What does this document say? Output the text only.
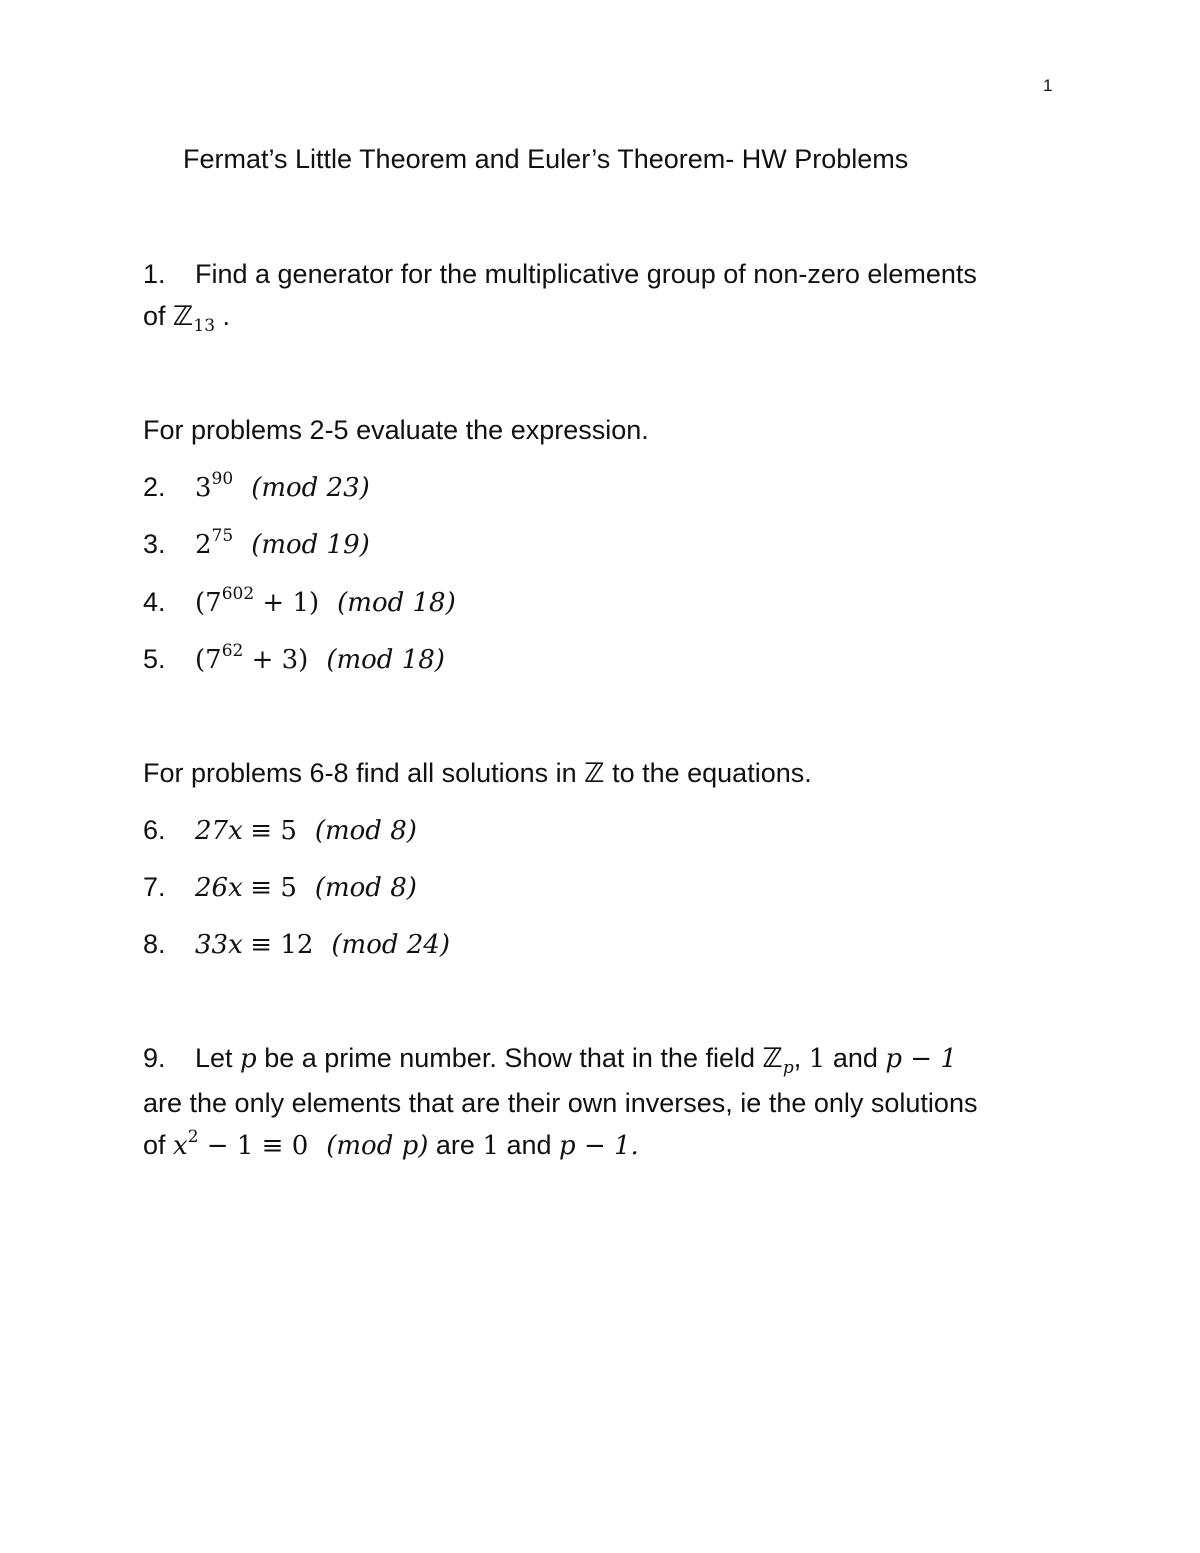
1
Fermat’s Little Theorem and Euler’s Theorem- HW Problems
1. Find a generator for the multiplicative group of non-zero elements
of ℤ$_{13}$ .
For problems 2-5 evaluate the expression.
2. $3^{90}$ (mod 23)
3. $2^{75}$ (mod 19)
4. $(7^{602} + 1)$ (mod 18)
5. $(7^{62} + 3)$ (mod 18)
For problems 6-8 find all solutions in ℤ to the equations.
6. 27x ≡ 5 (mod 8)
7. 26x ≡ 5 (mod 8)
8. 33x ≡ 12 (mod 24)
9. Let p be a prime number. Show that in the field ℤ$_p$, 1 and p − 1
are the only elements that are their own inverses, ie the only solutions
of $x^2 - 1 \equiv 0$ (mod p) are 1 and p − 1.
